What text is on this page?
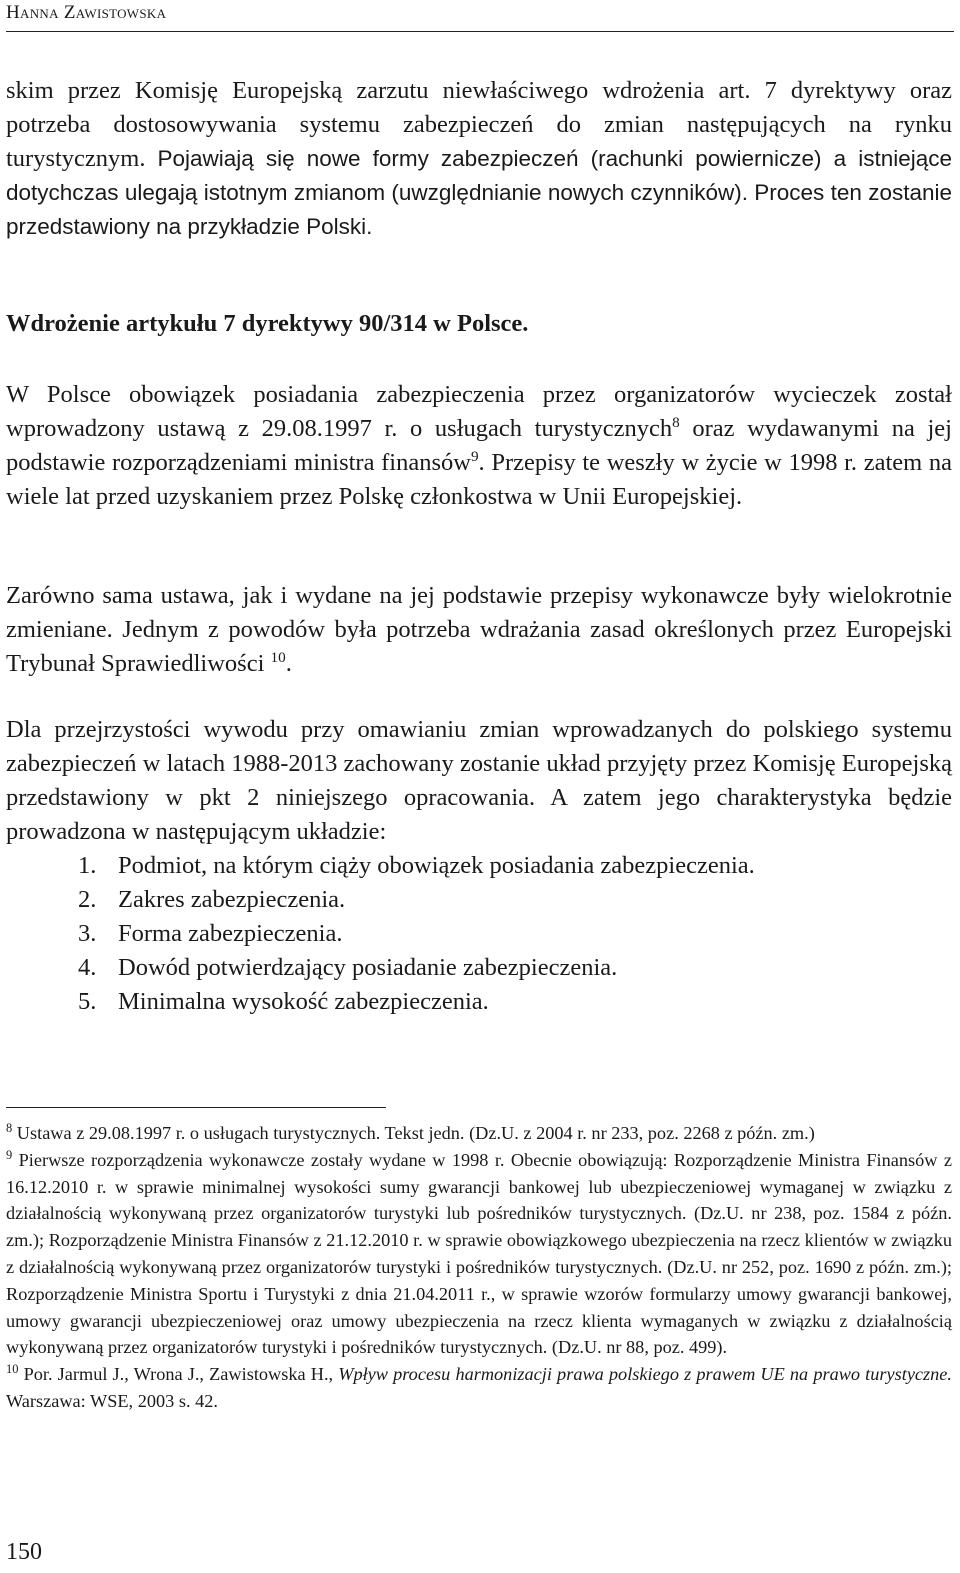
Hanna Zawistowska

skim przez Komisję Europejską zarzutu niewłaściwego wdrożenia art. 7 dyrektywy oraz potrzeba dostosowywania systemu zabezpieczeń do zmian następujących na rynku turystycznym. Pojawiają się nowe formy zabezpieczeń (rachunki powiernicze) a istniejące dotychczas ulegają istotnym zmianom (uwzględnianie nowych czynników). Proces ten zostanie przedstawiony na przykładzie Polski.

Wdrożenie artykułu 7 dyrektywy 90/314 w Polsce.

W Polsce obowiązek posiadania zabezpieczenia przez organizatorów wycieczek został wprowadzony ustawą z 29.08.1997 r. o usługach turystycznych$^8$ oraz wydawanymi na jej podstawie rozporządzeniami ministra finansów$^9$. Przepisy te weszły w życie w 1998 r. zatem na wiele lat przed uzyskaniem przez Polskę członkostwa w Unii Europejskiej.

Zarówno sama ustawa, jak i wydane na jej podstawie przepisy wykonawcze były wielokrotnie zmieniane. Jednym z powodów była potrzeba wdrażania zasad określonych przez Europejski Trybunał Sprawiedliwości $^{10}$.

Dla przejrzystości wywodu przy omawianiu zmian wprowadzanych do polskiego systemu zabezpieczeń w latach 1988-2013 zachowany zostanie układ przyjęty przez Komisję Europejską przedstawiony w pkt 2 niniejszego opracowania. A zatem jego charakterystyka będzie prowadzona w następującym układzie:

1. Podmiot, na którym ciąży obowiązek posiadania zabezpieczenia.
2. Zakres zabezpieczenia.
3. Forma zabezpieczenia.
4. Dowód potwierdzający posiadanie zabezpieczenia.
5. Minimalna wysokość zabezpieczenia.

$^8$ Ustawa z 29.08.1997 r. o usługach turystycznych. Tekst jedn. (Dz.U. z 2004 r. nr 233, poz. 2268 z późn. zm.)

$^9$ Pierwsze rozporządzenia wykonawcze zostały wydane w 1998 r. Obecnie obowiązują: Rozporządzenie Ministra Finansów z 16.12.2010 r. w sprawie minimalnej wysokości sumy gwarancji bankowej lub ubezpieczeniowej wymaganej w związku z działalnością wykonywaną przez organizatorów turystyki lub pośredników turystycznych. (Dz.U. nr 238, poz. 1584 z późn. zm.); Rozporządzenie Ministra Finansów z 21.12.2010 r. w sprawie obowiązkowego ubezpieczenia na rzecz klientów w związku z działalnością wykonywaną przez organizatorów turystyki i pośredników turystycznych. (Dz.U. nr 252, poz. 1690 z późn. zm.); Rozporządzenie Ministra Sportu i Turystyki z dnia 21.04.2011 r., w sprawie wzorów formularzy umowy gwarancji bankowej, umowy gwarancji ubezpieczeniowej oraz umowy ubezpieczenia na rzecz klienta wymaganych w związku z działalnością wykonywaną przez organizatorów turystyki i pośredników turystycznych. (Dz.U. nr 88, poz. 499).

$^{10}$ Por. Jarmul J., Wrona J., Zawistowska H., Wpływ procesu harmonizacji prawa polskiego z prawem UE na prawo turystyczne. Warszawa: WSE, 2003 s. 42.

150
